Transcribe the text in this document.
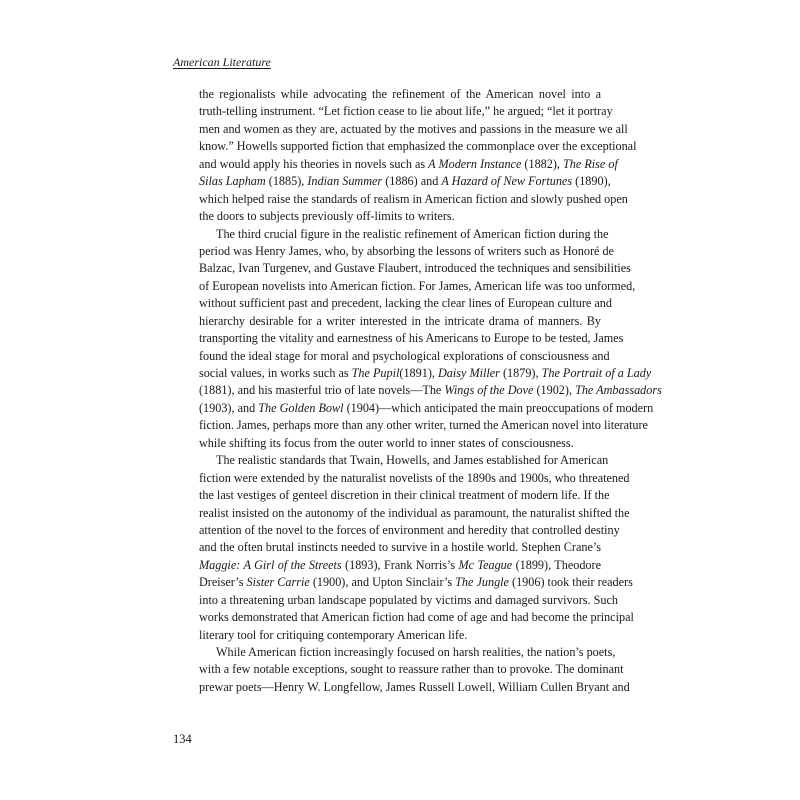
American Literature
the regionalists while advocating the refinement of the American novel into a
truth-telling instrument. “Let fiction cease to lie about life,” he argued; “let it portray
men and women as they are, actuated by the motives and passions in the measure we all
know.” Howells supported fiction that emphasized the commonplace over the exceptional
and would apply his theories in novels such as A Modern Instance (1882), The Rise of
Silas Lapham (1885), Indian Summer (1886) and A Hazard of New Fortunes (1890),
which helped raise the standards of realism in American fiction and slowly pushed open
the doors to subjects previously off-limits to writers.
The third crucial figure in the realistic refinement of American fiction during the
period was Henry James, who, by absorbing the lessons of writers such as Honoré de
Balzac, Ivan Turgenev, and Gustave Flaubert, introduced the techniques and sensibilities
of European novelists into American fiction. For James, American life was too unformed,
without sufficient past and precedent, lacking the clear lines of European culture and
hierarchy desirable for a writer interested in the intricate drama of manners. By
transporting the vitality and earnestness of his Americans to Europe to be tested, James
found the ideal stage for moral and psychological explorations of consciousness and
social values, in works such as The Pupil(1891), Daisy Miller (1879), The Portrait of a Lady
(1881), and his masterful trio of late novels—The Wings of the Dove (1902), The Ambassadors
(1903), and The Golden Bowl (1904)—which anticipated the main preoccupations of modern
fiction. James, perhaps more than any other writer, turned the American novel into literature
while shifting its focus from the outer world to inner states of consciousness.
The realistic standards that Twain, Howells, and James established for American
fiction were extended by the naturalist novelists of the 1890s and 1900s, who threatened
the last vestiges of genteel discretion in their clinical treatment of modern life. If the
realist insisted on the autonomy of the individual as paramount, the naturalist shifted the
attention of the novel to the forces of environment and heredity that controlled destiny
and the often brutal instincts needed to survive in a hostile world. Stephen Crane’s
Maggie: A Girl of the Streets (1893), Frank Norris’s Mc Teague (1899), Theodore
Dreiser’s Sister Carrie (1900), and Upton Sinclair’s The Jungle (1906) took their readers
into a threatening urban landscape populated by victims and damaged survivors. Such
works demonstrated that American fiction had come of age and had become the principal
literary tool for critiquing contemporary American life.
While American fiction increasingly focused on harsh realities, the nation’s poets,
with a few notable exceptions, sought to reassure rather than to provoke. The dominant
prewar poets—Henry W. Longfellow, James Russell Lowell, William Cullen Bryant and
134
